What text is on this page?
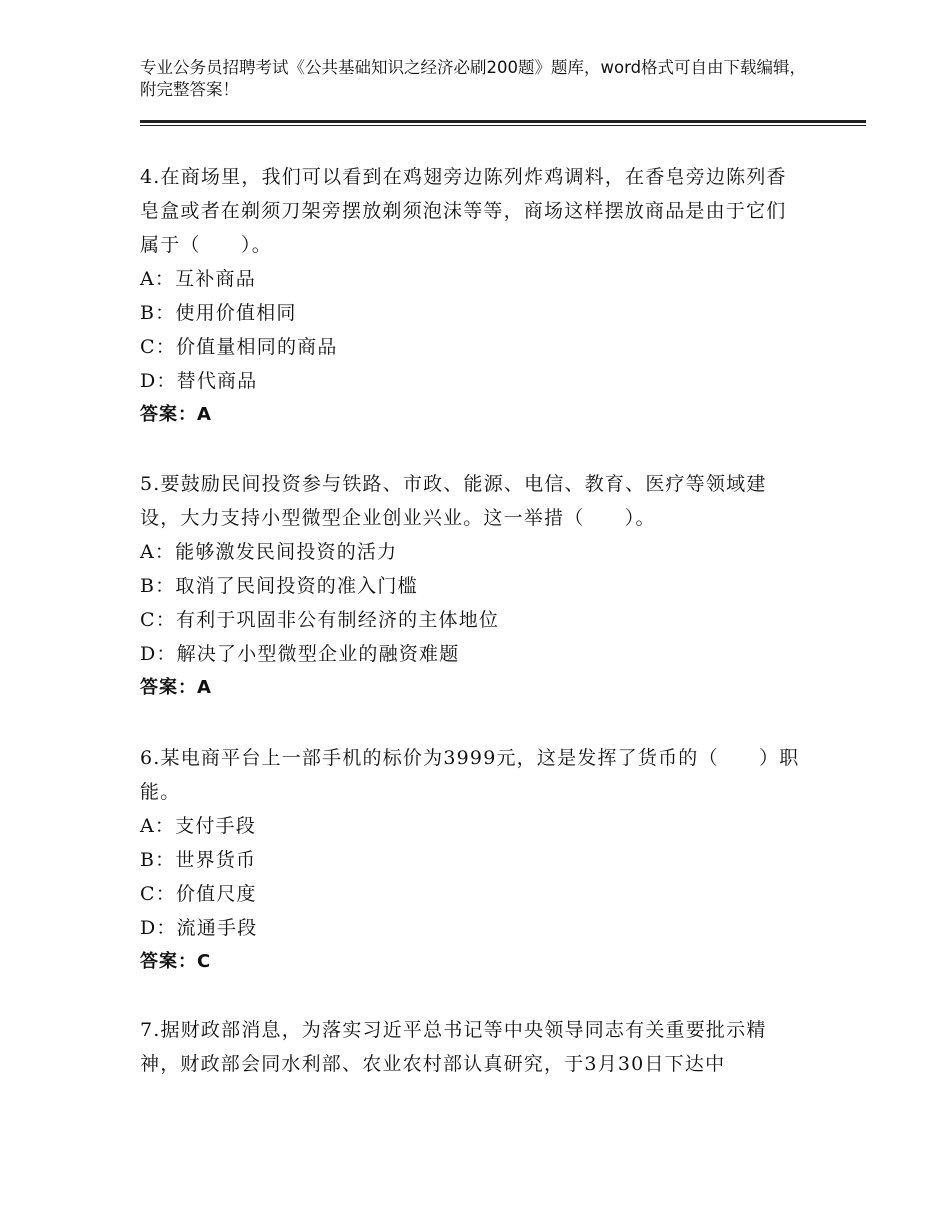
专业公务员招聘考试《公共基础知识之经济必刷200题》题库，word格式可自由下载编辑，附完整答案！

4.在商场里，我们可以看到在鸡翅旁边陈列炸鸡调料，在香皂旁边陈列香皂盒或者在剃须刀架旁摆放剃须泡沫等等，商场这样摆放商品是由于它们属于（　　）。

A：互补商品

B：使用价值相同

C：价值量相同的商品

D：替代商品

答案：A

5.要鼓励民间投资参与铁路、市政、能源、电信、教育、医疗等领域建设，大力支持小型微型企业创业兴业。这一举措（　　）。

A：能够激发民间投资的活力

B：取消了民间投资的准入门槛

C：有利于巩固非公有制经济的主体地位

D：解决了小型微型企业的融资难题

答案：A

6.某电商平台上一部手机的标价为3999元，这是发挥了货币的（　　）职能。

A：支付手段

B：世界货币

C：价值尺度

D：流通手段

答案：C

7.据财政部消息，为落实习近平总书记等中央领导同志有关重要批示精神，财政部会同水利部、农业农村部认真研究，于3月30日下达中
